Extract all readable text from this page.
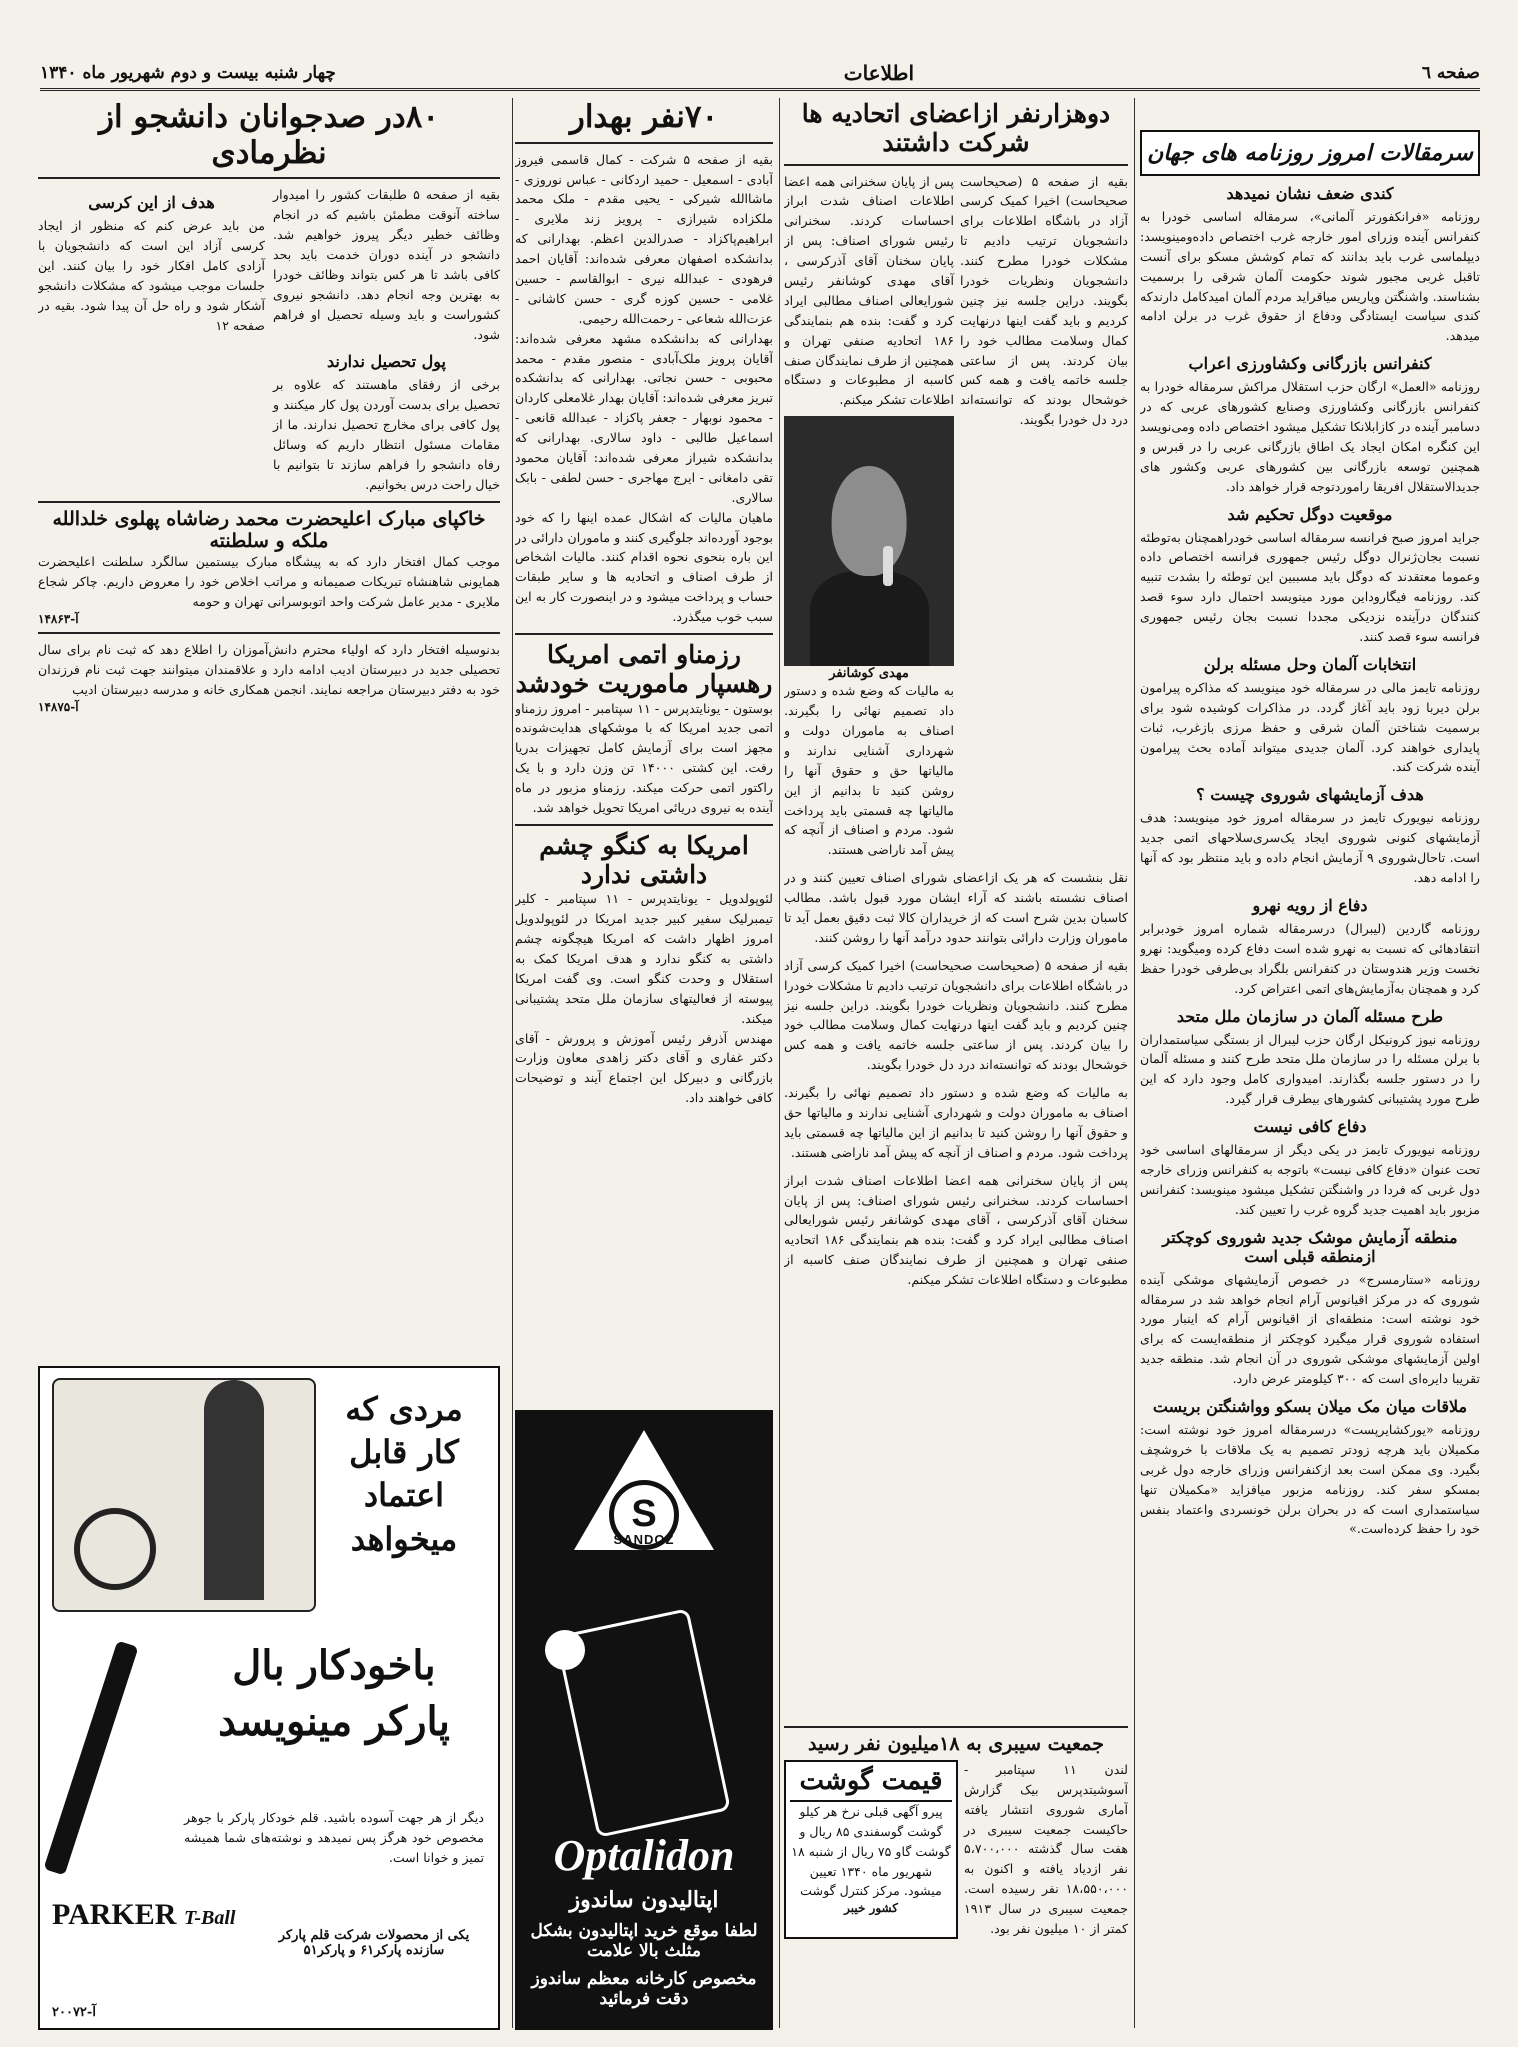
صفحه ٦
اطلاعات
چهار شنبه بیست و دوم شهریور ماه ۱۳۴۰
سرمقالات امروز روزنامه های جهان
کندی ضعف نشان نمیدهد
روزنامه «فرانکفورتر آلمانی»، سرمقاله اساسی خودرا به کنفرانس آینده وزرای امور خارجه غرب اختصاص داده‌ومینویسد: دیپلماسی غرب باید بدانند که تمام کوشش مسکو برای آنست تاقبل غربی مجبور شوند حکومت آلمان شرقی را برسمیت بشناسند. واشنگتن وپاریس میاقراید مردم آلمان امیدکامل دارندکه کندی سیاست ایستادگی ودفاع از حقوق غرب در برلن ادامه میدهد.
کنفرانس بازرگانی وکشاورزی اعراب
روزنامه «العمل» ارگان حزب استقلال مراکش سرمقاله خودرا به کنفرانس بازرگانی وکشاورزی وصنایع کشورهای عربی که در دسامبر آینده در کازابلانکا تشکیل میشود اختصاص داده ومی‌نویسد این کنگره امکان ایجاد یک اطاق بازرگانی عربی را در قبرس و همچنین توسعه بازرگانی بین کشورهای عربی وکشور های جدیدالاستقلال افریقا راموردتوجه قرار خواهد داد.
موقعیت دوگل تحکیم شد
جراید امروز صبح فرانسه سرمقاله اساسی خودراهمچنان به‌توطئه نسبت بجان‌ژنرال دوگل رئیس جمهوری فرانسه اختصاص داده وعموما معتقدند که دوگل باید مسببین این توطئه را بشدت تنبیه کند. روزنامه فیگاروداین مورد مینویسد احتمال دارد سوء قصد کنندگان درآینده نزدیکی مجددا نسبت بجان رئیس جمهوری فرانسه سوء قصد کنند.
انتخابات آلمان وحل مسئله برلن
روزنامه تایمز مالی در سرمقاله خود مینویسد که مذاکره پیرامون برلن دیربا زود باید آغاز گردد. در مذاکرات کوشیده شود برای برسمیت شناختن آلمان شرقی و حفظ مرزی بازغرب، ثبات پایداری خواهند کرد. آلمان جدیدی میتواند آماده بحث پیرامون آینده شرکت کند.
هدف آزمایشهای شوروی چیست ؟
روزنامه نیویورک تایمز در سرمقاله امروز خود مینویسد: هدف آزمایشهای کنونی شوروی ایجاد یک‌سری‌سلاحهای اتمی جدید است. تاحال‌شوروی ۹ آزمایش انجام داده و باید منتظر بود که آنها را ادامه دهد.
دفاع از رویه نهرو
روزنامه گاردین (لیبرال) درسرمقاله شماره امروز خودبرابر انتقادهائی که نسبت به نهرو شده است دفاع کرده ومیگوید: نهرو نخست وزیر هندوستان در کنفرانس بلگراد بی‌طرفی خودرا حفظ کرد و همچنان به‌آزمایش‌های اتمی اعتراض کرد.
طرح مسئله آلمان در سازمان ملل متحد
روزنامه نیوز کرونیکل ارگان حزب لیبرال از بستگی سیاستمداران با برلن مسئله را در سازمان ملل متحد طرح کنند و مسئله آلمان را در دستور جلسه بگذارند. امیدواری کامل وجود دارد که این طرح مورد پشتیبانی کشورهای بیطرف قرار گیرد.
دفاع کافی نیست
روزنامه نیویورک تایمز در یکی دیگر از سرمقالهای اساسی خود تحت عنوان «دفاع کافی نیست» باتوجه به کنفرانس وزرای خارجه دول غربی که فردا در واشنگتن تشکیل میشود مینویسد: کنفرانس مزبور باید اهمیت جدید گروه غرب را تعیین کند.
منطقه آزمایش موشک جدید شوروی کوچکتر ازمنطقه قبلی است
روزنامه «ستارمسرج» در خصوص آزمایشهای موشکی آینده شوروی که در مرکز اقیانوس آرام انجام خواهد شد در سرمقاله خود نوشته است: منطقه‌ای از اقیانوس آرام که اینبار مورد استفاده شوروی قرار میگیرد کوچکتر از منطقه‌ایست که برای اولین آزمایشهای موشکی شوروی در آن انجام شد. منطقه جدید تقریبا دایره‌ای است که ۳۰۰ کیلومتر عرض دارد.
ملاقات میان مک میلان بسکو وواشنگتن بریست
روزنامه «یورکشایرپست» درسرمقاله امروز خود نوشته است: مکمیلان باید هرچه زودتر تصمیم به یک ملاقات با خروشچف بگیرد. وی ممکن است بعد ازکنفرانس وزرای خارجه دول غربی بمسکو سفر کند. روزنامه مزبور میافزاید «مکمیلان تنها سیاستمداری است که در بحران برلن خونسردی واعتماد بنفس خود را حفظ کرده‌است.»
دوهزارنفر ازاعضای اتحادیه ها شرکت داشتند
بقیه از صفحه ۵ (صحیحاست صحیحاست) اخیرا کمیک کرسی آزاد در باشگاه اطلاعات برای دانشجویان ترتیب دادیم تا مشکلات خودرا مطرح کنند. دانشجویان ونظریات خودرا بگویند. دراین جلسه نیز چنین کردیم و باید گفت اینها درنهایت کمال وسلامت مطالب خود را بیان کردند. پس از ساعتی جلسه خاتمه یافت و همه کس خوشحال بودند که توانسته‌اند درد دل خودرا بگویند.
پس از پایان سخنرانی همه اعضا اطلاعات اصناف شدت ابراز احساسات کردند. سخنرانی رئیس شورای اصناف: پس از پایان سخنان آقای آذرکرسی ، آقای مهدی کوشانفر رئیس شورایعالی اصناف مطالبی ایراد کرد و گفت: بنده هم بنمایندگی ۱۸۶ اتحادیه صنفی تهران و همچنین از طرف نمایندگان صنف کاسبه از مطبوعات و دستگاه اطلاعات تشکر میکنم.
مهدی کوشانفر
به مالیات که وضع شده و دستور داد تصمیم نهائی را بگیرند. اصناف به ماموران دولت و شهرداری آشنایی ندارند و مالیاتها حق و حقوق آنها را روشن کنید تا بدانیم از این مالیاتها چه قسمتی باید پرداخت شود. مردم و اصناف از آنچه که پیش آمد ناراضی هستند.
نقل بنشست که هر یک ازاعضای شورای اصناف تعیین کنند و در اصناف نشسته باشند که آراء ایشان مورد قبول باشد. مطالب کاسبان بدین شرح است که از خریداران کالا ثبت دقیق بعمل آید تا ماموران وزارت دارائی بتوانند حدود درآمد آنها را روشن کنند.
بقیه از صفحه ۵ (صحیحاست صحیحاست) اخیرا کمیک کرسی آزاد در باشگاه اطلاعات برای دانشجویان ترتیب دادیم تا مشکلات خودرا مطرح کنند. دانشجویان ونظریات خودرا بگویند. دراین جلسه نیز چنین کردیم و باید گفت اینها درنهایت کمال وسلامت مطالب خود را بیان کردند. پس از ساعتی جلسه خاتمه یافت و همه کس خوشحال بودند که توانسته‌اند درد دل خودرا بگویند.
به مالیات که وضع شده و دستور داد تصمیم نهائی را بگیرند. اصناف به ماموران دولت و شهرداری آشنایی ندارند و مالیاتها حق و حقوق آنها را روشن کنید تا بدانیم از این مالیاتها چه قسمتی باید پرداخت شود. مردم و اصناف از آنچه که پیش آمد ناراضی هستند.
پس از پایان سخنرانی همه اعضا اطلاعات اصناف شدت ابراز احساسات کردند. سخنرانی رئیس شورای اصناف: پس از پایان سخنان آقای آذرکرسی ، آقای مهدی کوشانفر رئیس شورایعالی اصناف مطالبی ایراد کرد و گفت: بنده هم بنمایندگی ۱۸۶ اتحادیه صنفی تهران و همچنین از طرف نمایندگان صنف کاسبه از مطبوعات و دستگاه اطلاعات تشکر میکنم.
جمعیت سیبری به ۱۸میلیون نفر رسید
لندن ۱۱ سپتامبر - آسوشیتدپرس بیک گزارش آماری شوروی انتشار یافته حاکیست جمعیت سیبری در هفت سال گذشته ۵،۷۰۰،۰۰۰ نفر ازدیاد یافته و اکنون به ۱۸،۵۵۰،۰۰۰ نفر رسیده است. جمعیت سیبری در سال ۱۹۱۳ کمتر از ۱۰ میلیون نفر بود.
قیمت گوشت
پیرو آگهی قبلی نرخ هر کیلو گوشت گوسفندی ۸۵ ریال و گوشت گاو ۷۵ ریال از شنبه ۱۸ شهریور ماه ۱۳۴۰ تعیین میشود. مرکز کنترل گوشت
کشور خیبر
۷۰نفر بهدار
بقیه از صفحه ۵ شرکت - کمال قاسمی فیروز آبادی - اسمعیل - حمید اردکانی - عباس نوروزی - ماشاالله شیرکی - یحیی مقدم - ملک محمد ملکزاده شیرازی - پرویز زند ملایری - ابراهیم‌پاکزاد - صدرالدین اعظم. بهدارانی که بدانشکده اصفهان معرفی شده‌اند: آقایان احمد فرهودی - عبدالله نیری - ابوالقاسم - حسین غلامی - حسین کوزه گری - حسن کاشانی - عزت‌الله شعاعی - رحمت‌الله رحیمی.
بهدارانی که بدانشکده مشهد معرفی شده‌اند: آقایان پرویز ملک‌آبادی - منصور مقدم - محمد محبوبی - حسن نجاتی. بهدارانی که بدانشکده تبریز معرفی شده‌اند: آقایان بهدار غلامعلی کاردان - محمود نوبهار - جعفر پاکزاد - عبدالله قانعی - اسماعیل طالبی - داود سالاری. بهدارانی که بدانشکده شیراز معرفی شده‌اند: آقایان محمود تقی دامغانی - ایرج مهاجری - حسن لطفی - بابک سالاری.
ماهیان مالیات که اشکال عمده اینها را که خود بوجود آورده‌اند جلوگیری کنند و ماموران دارائی در این باره بنحوی نحوه اقدام کنند. مالیات اشخاص از طرف اصناف و اتحادیه ها و سایر طبقات حساب و پرداخت میشود و در اینصورت کار به این سبب خوب میگذرد.
رزمناو اتمی امریکا رهسپار ماموریت خودشد
بوستون - یونایتدپرس - ۱۱ سپتامبر - امروز رزمناو اتمی جدید امریکا که با موشکهای هدایت‌شونده مجهز است برای آزمایش کامل تجهیزات بدریا رفت. این کشتی ۱۴۰۰۰ تن وزن دارد و با یک راکتور اتمی حرکت میکند. رزمناو مزبور در ماه آینده به نیروی دریائی امریکا تحویل خواهد شد.
امریکا به کنگو چشم داشتی ندارد
لئوپولدویل - یونایتدپرس - ۱۱ سپتامبر - کلیر تیمبرلیک سفیر کبیر جدید امریکا در لئوپولدویل امروز اظهار داشت که امریکا هیچگونه چشم داشتی به کنگو ندارد و هدف امریکا کمک به استقلال و وحدت کنگو است. وی گفت امریکا پیوسته از فعالیتهای سازمان ملل متحد پشتیبانی میکند.
مهندس آذرفر رئیس آموزش و پرورش - آقای دکتر غفاری و آقای دکتر زاهدی معاون وزارت بازرگانی و دبیرکل این اجتماع آیند و توضیحات کافی خواهند داد.
S
SANDOZ
Optalidon
اپتالیدون ساندوز
لطفا موقع خرید اپتالیدون بشکل مثلث بالا علامت
مخصوص کارخانه معظم ساندوز دقت فرمائید
۸۰در صدجوانان دانشجو از نظرمادی
بقیه از صفحه ۵ طلبقات کشور را امیدوار ساخته آنوقت مطمئن باشیم که در انجام وظائف خطیر دیگر پیروز خواهیم شد. دانشجو در آینده دوران خدمت باید بحد کافی باشد تا هر کس بتواند وظائف خودرا به بهترین وجه انجام دهد. دانشجو نیروی کشوراست و باید وسیله تحصیل او فراهم شود.
پول تحصیل ندارند
برخی از رفقای ماهستند که علاوه بر تحصیل برای بدست آوردن پول کار میکنند و پول کافی برای مخارج تحصیل ندارند. ما از مقامات مسئول انتظار داریم که وسائل رفاه دانشجو را فراهم سازند تا بتوانیم با خیال راحت درس بخوانیم.
هدف از این کرسی
من باید عرض کنم که منظور از ایجاد کرسی آزاد این است که دانشجویان با آزادی کامل افکار خود را بیان کنند. این جلسات موجب میشود که مشکلات دانشجو آشکار شود و راه حل آن پیدا شود. بقیه در صفحه ۱۲
خاکپای مبارک اعلیحضرت محمد رضاشاه پهلوی خلدالله ملکه و سلطنته
موجب کمال افتخار دارد که به پیشگاه مبارک بیستمین سالگرد سلطنت اعلیحضرت همایونی شاهنشاه تبریکات صمیمانه و مراتب اخلاص خود را معروض داریم. چاکر شجاع ملایری - مدیر عامل شرکت واحد اتوبوسرانی تهران و حومه
آ-۱۴۸۶۳
بدنوسیله افتخار دارد که اولیاء محترم دانش‌آموزان را اطلاع دهد که ثبت نام برای سال تحصیلی جدید در دبیرستان ادیب ادامه دارد و علاقمندان میتوانند جهت ثبت نام فرزندان خود به دفتر دبیرستان مراجعه نمایند. انجمن همکاری خانه و مدرسه دبیرستان ادیب
آ-۱۴۸۷۵
مردی که کار قابل اعتماد میخواهد
باخودکار بال پارکر مینویسد
دیگر از هر جهت آسوده باشید. قلم خودکار پارکر با جوهر مخصوص خود هرگز پس نمیدهد و نوشته‌های شما همیشه تمیز و خوانا است.
PARKER T-Ball
یکی از محصولات شرکت قلم پارکر سازنده پارکر۶۱ و پارکر۵۱
آ-۲۰۰۷۲
